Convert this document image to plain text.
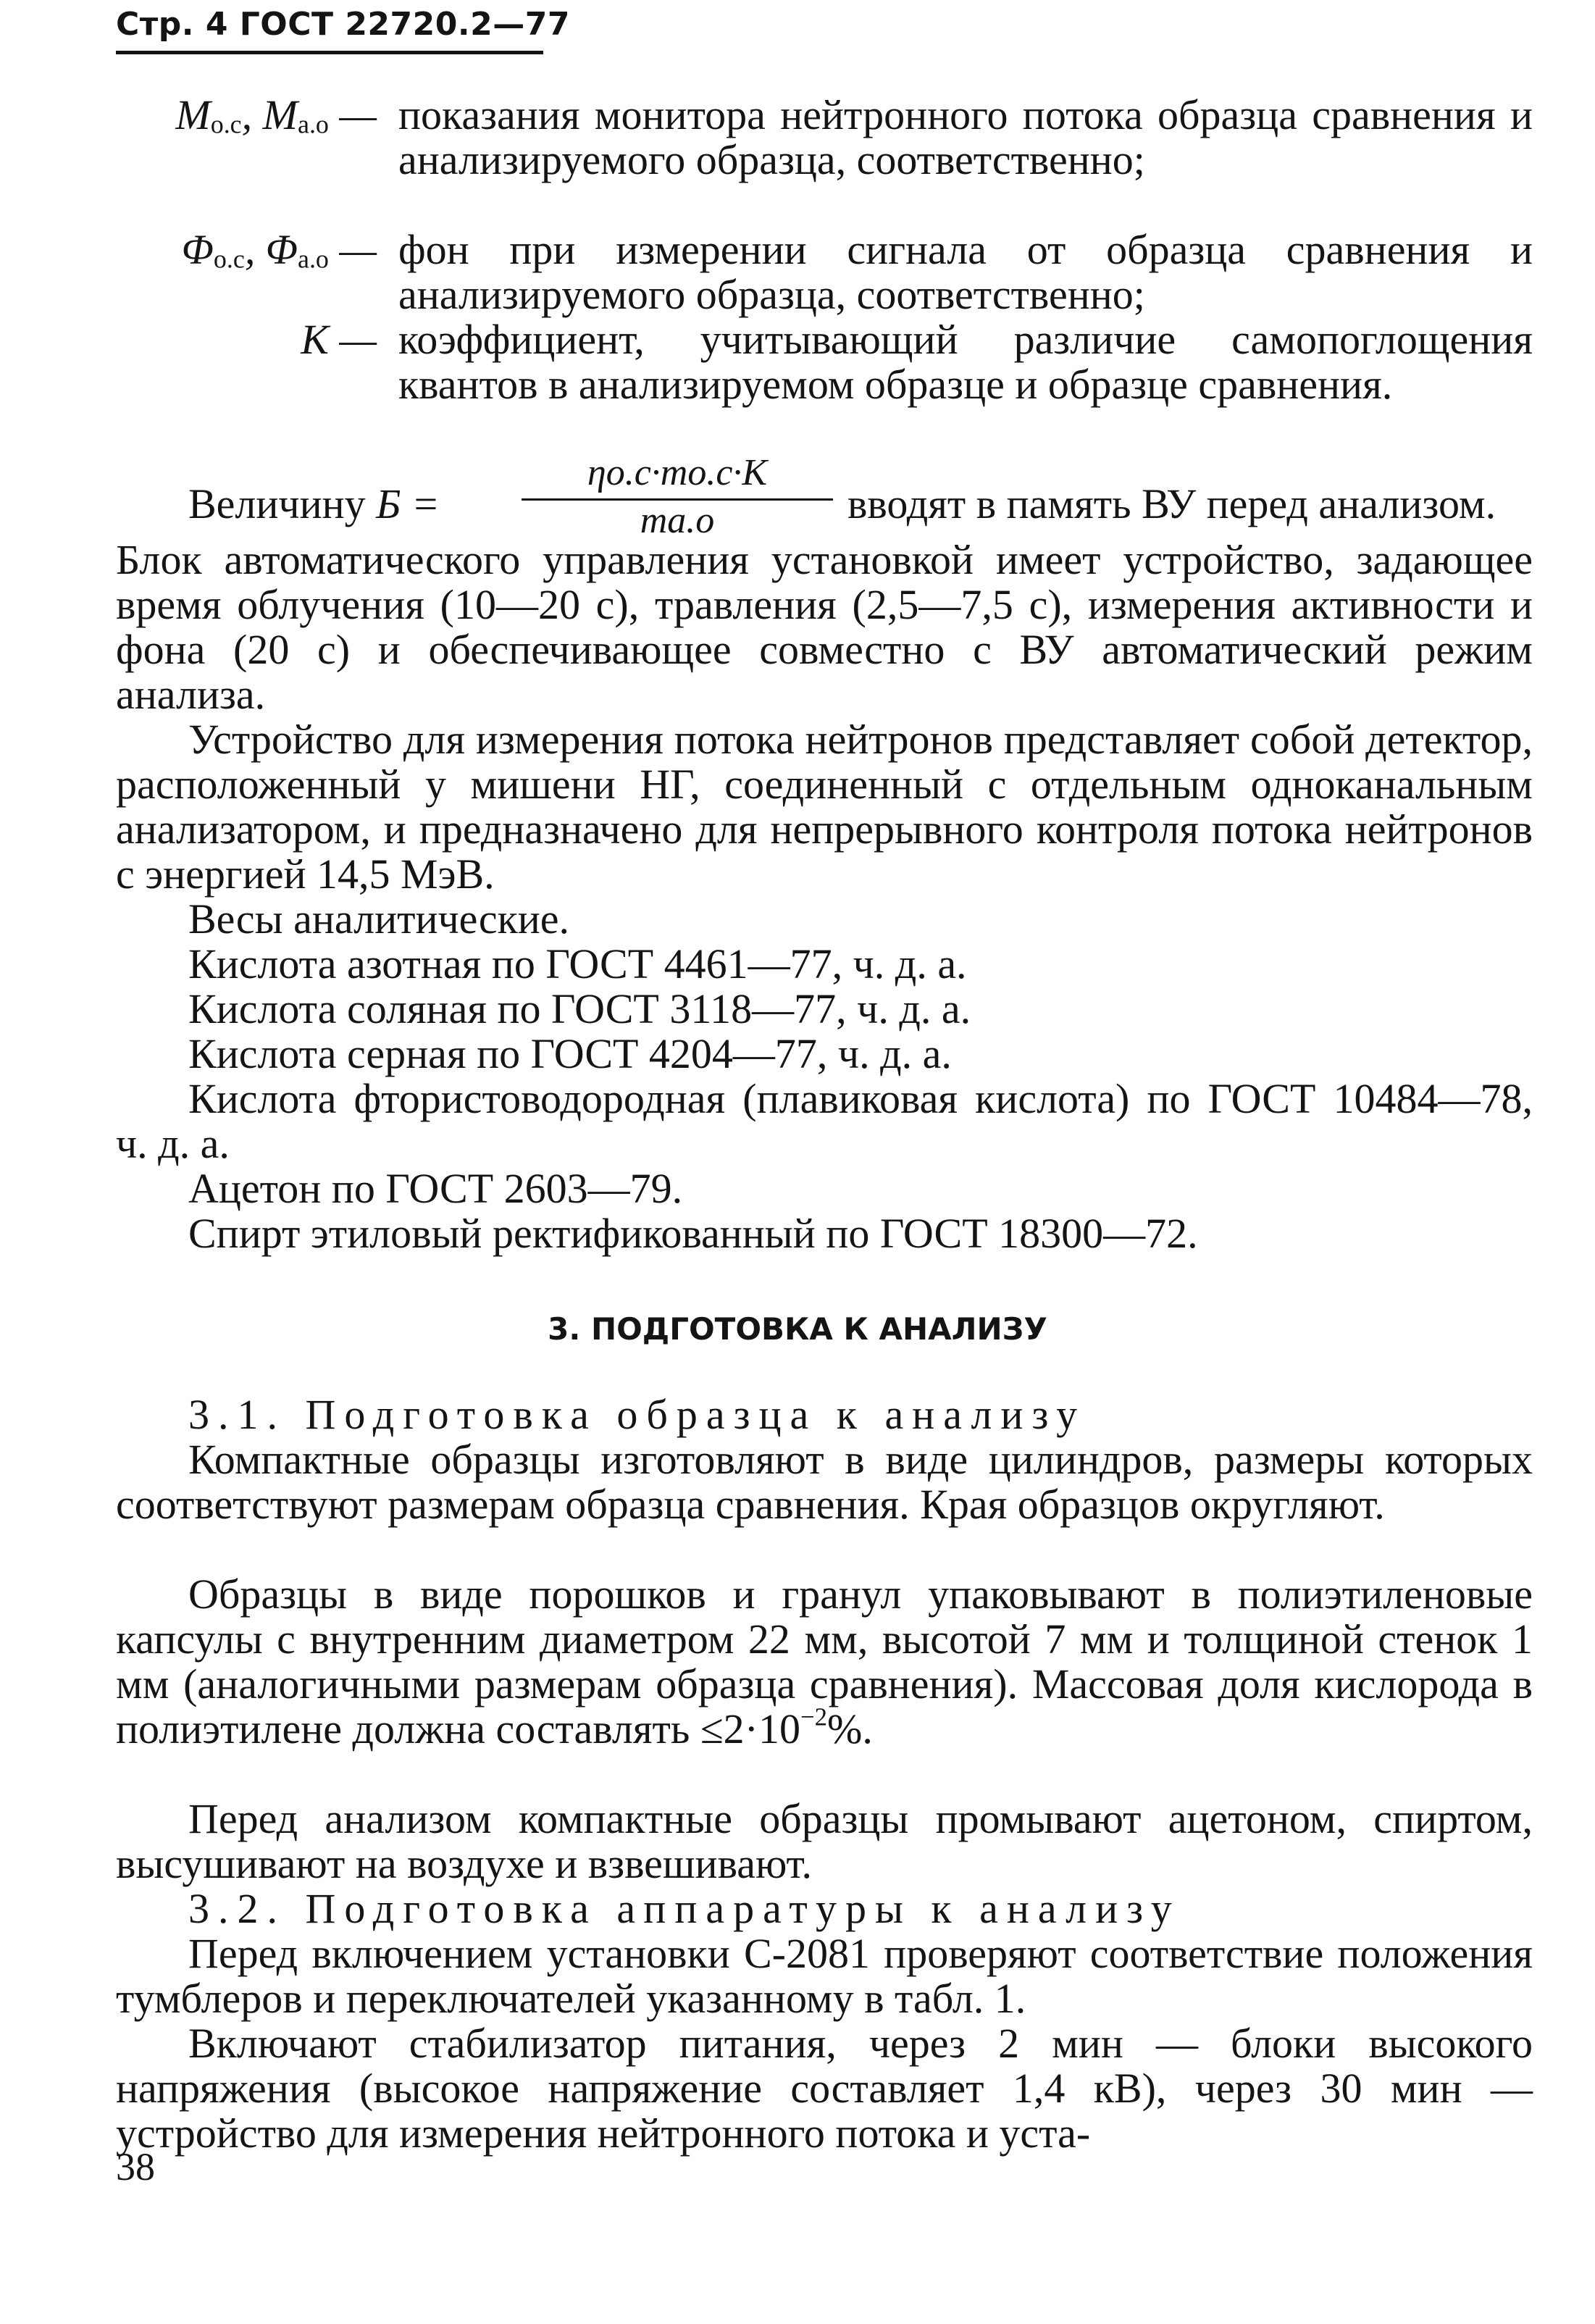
Стр. 4 ГОСТ 22720.2—77
$M_{о.с}$, $M_{а.о}$ — показания монитора нейтронного потока образца сравнения и анализируемого образца, соответственно;
$\Phi_{о.с}$, $\Phi_{а.о}$ — фон при измерении сигнала от образца сравнения и анализируемого образца, соответственно;
K — коэффициент, учитывающий различие самопоглощения квантов в анализируемом образце и образце сравнения.
Величину Б =
ηо.с·mо.с·K
mа.о	вводят в память ВУ перед анализом.
Блок автоматического управления установкой имеет устройство, задающее время облучения (10—20 с), травления (2,5—7,5 с), измерения активности и фона (20 с) и обеспечивающее совместно с ВУ автоматический режим анализа.
Устройство для измерения потока нейтронов представляет собой детектор, расположенный у мишени НГ, соединенный с отдельным одноканальным анализатором, и предназначено для непрерывного контроля потока нейтронов с энергией 14,5 МэВ.
Весы аналитические.
Кислота азотная по ГОСТ 4461—77, ч. д. а.
Кислота соляная по ГОСТ 3118—77, ч. д. а.
Кислота серная по ГОСТ 4204—77, ч. д. а.
Кислота фтористоводородная (плавиковая кислота) по ГОСТ 10484—78, ч. д. а.
Ацетон по ГОСТ 2603—79.
Спирт этиловый ректификованный по ГОСТ 18300—72.
3. ПОДГОТОВКА К АНАЛИЗУ
3.1. Подготовка образца к анализу
Компактные образцы изготовляют в виде цилиндров, размеры которых соответствуют размерам образца сравнения. Края образцов округляют.
Образцы в виде порошков и гранул упаковывают в полиэтиленовые капсулы с внутренним диаметром 22 мм, высотой 7 мм и толщиной стенок 1 мм (аналогичными размерам образца сравнения). Массовая доля кислорода в полиэтилене должна составлять $\le 2\cdot 10^{-2}\%$.
Перед анализом компактные образцы промывают ацетоном, спиртом, высушивают на воздухе и взвешивают.
3.2. Подготовка аппаратуры к анализу
Перед включением установки С-2081 проверяют соответствие положения тумблеров и переключателей указанному в табл. 1.
Включают стабилизатор питания, через 2 мин — блоки высокого напряжения (высокое напряжение составляет 1,4 кВ), через 30 мин — устройство для измерения нейтронного потока и уста-
38
